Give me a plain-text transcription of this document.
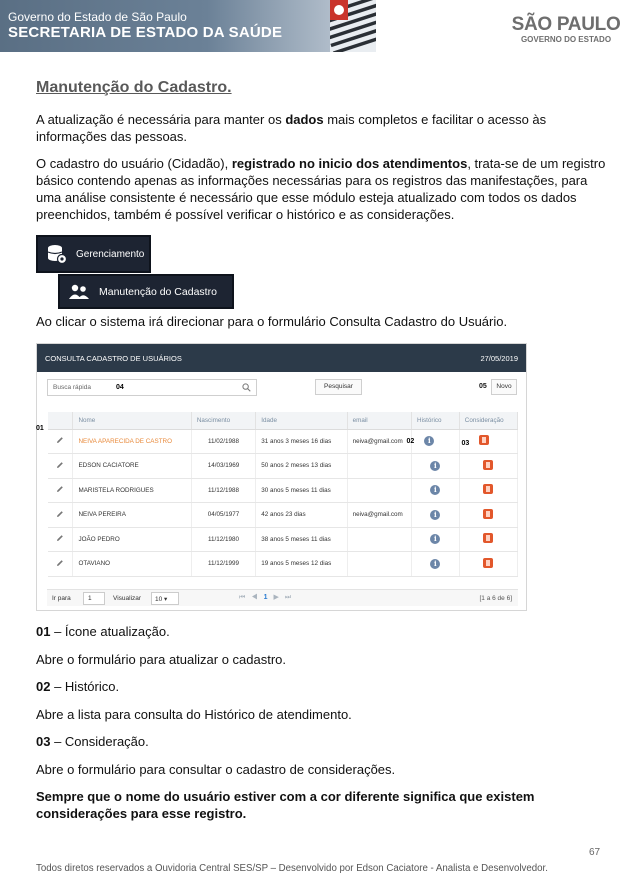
Governo do Estado de São Paulo
SECRETARIA DE ESTADO DA SAÚDE	SÃO PAULO
GOVERNO DO ESTADO
Manutenção do Cadastro.
A atualização é necessária para manter os dados mais completos e facilitar o acesso às informações das pessoas.
O cadastro do usuário (Cidadão), registrado no inicio dos atendimentos, trata-se de um registro básico contendo apenas as informações necessárias para os registros das manifestações, para uma análise consistente é necessário que esse módulo esteja atualizado com todos os dados preenchidos, também é possível verificar o histórico e as considerações.
Gerenciamento
Manutenção do Cadastro
Ao clicar o sistema irá direcionar para o formulário Consulta Cadastro do Usuário.
CONSULTA CADASTRO DE USUÁRIOS	27/05/2019
Busca rápida	04	Pesquisar	05	Novo
		Nome	Nascimento	Idade	email	Histórico	Consideração

01		NEIVA APARECIDA DE CASTRO	11/02/1988	31 anos 3 meses 16 dias	neiva@gmail.com	02 i	03
		EDSON CACIATORE	14/03/1969	50 anos 2 meses 13 dias		i	
		MARISTELA RODRIGUES	11/12/1988	30 anos 5 meses 11 dias		i	
		NEIVA PEREIRA	04/05/1977	42 anos 23 dias	neiva@gmail.com	i	
		JOÃO PEDRO	11/12/1980	38 anos 5 meses 11 dias		i	
		OTAVIANO	11/12/1999	19 anos 5 meses 12 dias		i	
Ir para	1	Visualizar	10 ▾	⏮◀1▶⏭	[1 a 6 de 6]
01 – Ícone atualização.
Abre o formulário para atualizar o cadastro.
02 – Histórico.
Abre a lista para consulta do Histórico de atendimento.
03 – Consideração.
Abre o formulário para consultar o cadastro de considerações.
Sempre que o nome do usuário estiver com a cor diferente significa que existem considerações para esse registro.
67
Todos diretos reservados a Ouvidoria Central SES/SP – Desenvolvido por Edson Caciatore - Analista e Desenvolvedor.
